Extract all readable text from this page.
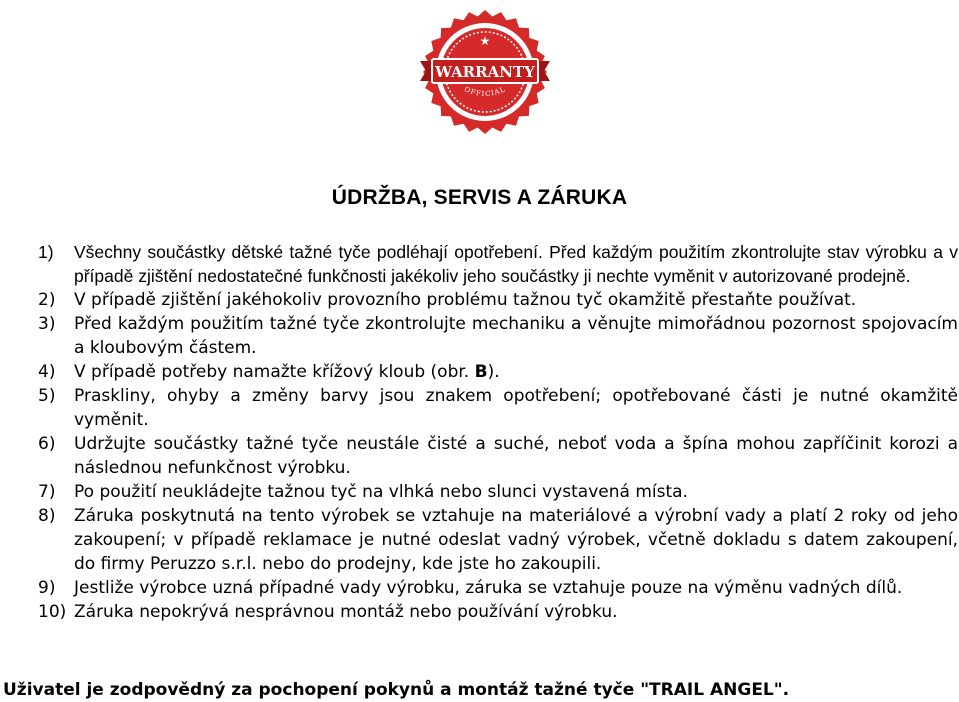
★
WARRANTY
OFFICIAL
ÚDRŽBA, SERVIS A ZÁRUKA
1)	Všechny součástky dětské tažné tyče podléhají opotřebení. Před každým použitím zkontrolujte stav výrobku a v případě zjištění nedostatečné funkčnosti jakékoliv jeho součástky ji nechte vyměnit v autorizované prodejně.
2)	V případě zjištění jakéhokoliv provozního problému tažnou tyč okamžitě přestaňte používat.
3)	Před každým použitím tažné tyče zkontrolujte mechaniku a věnujte mimořádnou pozornost spojovacím a kloubovým částem.
4)	V případě potřeby namažte křížový kloub (obr. B).
5)	Praskliny, ohyby a změny barvy jsou znakem opotřebení; opotřebované části je nutné okamžitě vyměnit.
6)	Udržujte součástky tažné tyče neustále čisté a suché, neboť voda a špína mohou zapříčinit korozi a následnou nefunkčnost výrobku.
7)	Po použití neukládejte tažnou tyč na vlhká nebo slunci vystavená místa.
8)	Záruka poskytnutá na tento výrobek se vztahuje na materiálové a výrobní vady a platí 2 roky od jeho zakoupení; v případě reklamace je nutné odeslat vadný výrobek, včetně dokladu s datem zakoupení, do firmy Peruzzo s.r.l. nebo do prodejny, kde jste ho zakoupili.
9)	Jestliže výrobce uzná případné vady výrobku, záruka se vztahuje pouze na výměnu vadných dílů.
10) Záruka nepokrývá nesprávnou montáž nebo používání výrobku.
Uživatel je zodpovědný za pochopení pokynů a montáž tažné tyče "TRAIL ANGEL".
